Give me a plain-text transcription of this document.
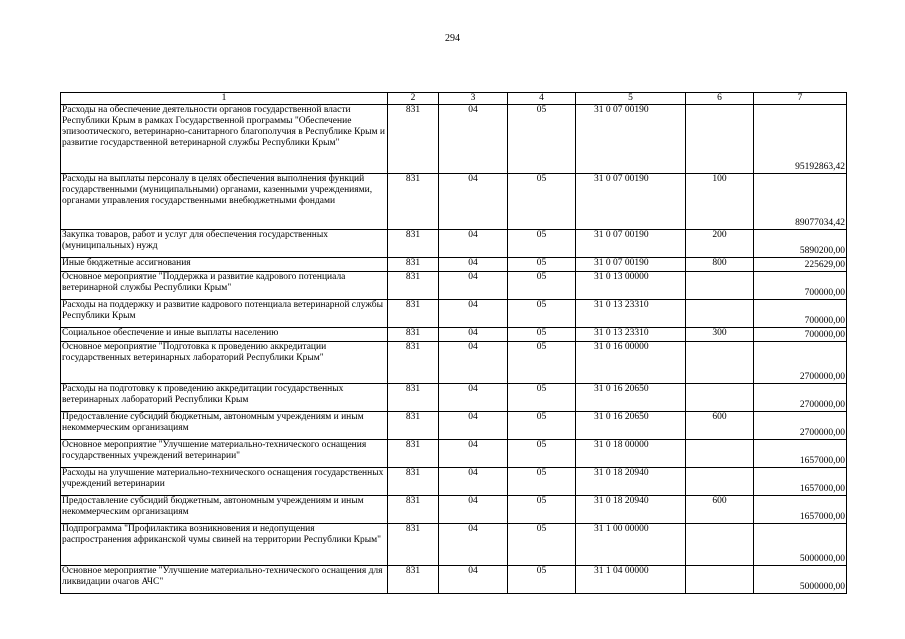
294
1	2	3	4	5	6	7
Расходы на обеспечение деятельности органов государственной власти Республики Крым в рамках Государственной программы "Обеспечение эпизоотического, ветеринарно-санитарного благополучия в Республике Крым и развитие государственной ветеринарной службы Республики Крым"	831	04	05	31 0 07 00190		95192863,42
Расходы на выплаты персоналу в целях обеспечения выполнения функций государственными (муниципальными) органами, казенными учреждениями, органами управления государственными внебюджетными фондами	831	04	05	31 0 07 00190	100	89077034,42
Закупка товаров, работ и услуг для обеспечения государственных (муниципальных) нужд	831	04	05	31 0 07 00190	200	5890200,00
Иные бюджетные ассигнования	831	04	05	31 0 07 00190	800	225629,00
Основное мероприятие "Поддержка и развитие кадрового потенциала ветеринарной службы Республики Крым"	831	04	05	31 0 13 00000		700000,00
Расходы на поддержку и развитие кадрового потенциала ветеринарной службы Республики Крым	831	04	05	31 0 13 23310		700000,00
Социальное обеспечение и иные выплаты населению	831	04	05	31 0 13 23310	300	700000,00
Основное мероприятие "Подготовка к проведению аккредитации государственных ветеринарных лабораторий Республики Крым"	831	04	05	31 0 16 00000		2700000,00
Расходы на подготовку к проведению аккредитации государственных ветеринарных лабораторий Республики Крым	831	04	05	31 0 16 20650		2700000,00
Предоставление субсидий бюджетным, автономным учреждениям и иным некоммерческим организациям	831	04	05	31 0 16 20650	600	2700000,00
Основное мероприятие "Улучшение материально-технического оснащения государственных учреждений ветеринарии"	831	04	05	31 0 18 00000		1657000,00
Расходы на улучшение материально-технического оснащения государственных учреждений ветеринарии	831	04	05	31 0 18 20940		1657000,00
Предоставление субсидий бюджетным, автономным учреждениям и иным некоммерческим организациям	831	04	05	31 0 18 20940	600	1657000,00
Подпрограмма "Профилактика возникновения и недопущения распространения африканской чумы свиней на территории Республики Крым"	831	04	05	31 1 00 00000		5000000,00
Основное мероприятие "Улучшение материально-технического оснащения для ликвидации очагов АЧС"	831	04	05	31 1 04 00000		5000000,00
